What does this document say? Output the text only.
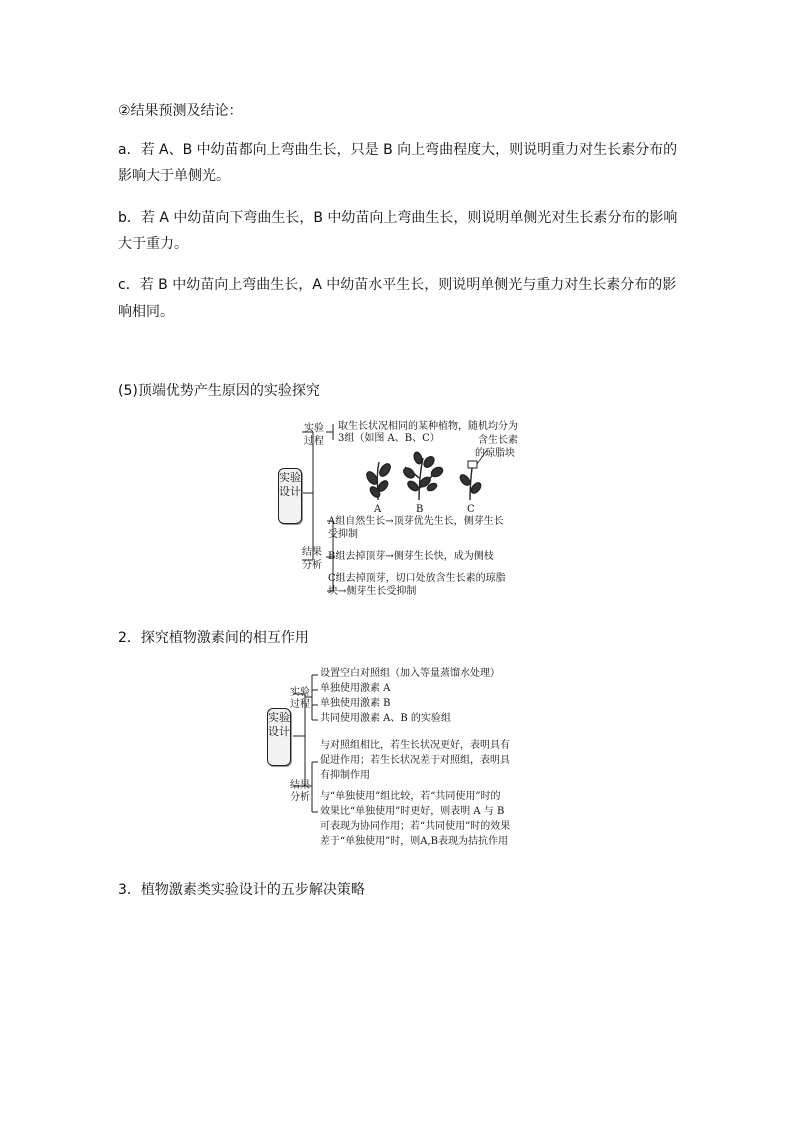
②结果预测及结论：
a．若 A、B 中幼苗都向上弯曲生长，只是 B 向上弯曲程度大，则说明重力对生长素分布的
影响大于单侧光。
b．若 A 中幼苗向下弯曲生长，B 中幼苗向上弯曲生长，则说明单侧光对生长素分布的影响
大于重力。
c．若 B 中幼苗向上弯曲生长，A 中幼苗水平生长，则说明单侧光与重力对生长素分布的影
响相同。
(5)顶端优势产生原因的实验探究
实验设计
实验过程
取生长状况相同的某种植物，随机均分为
3组（如图 A、B、C）	含生长素
的琼脂块
A	B	C
结果分析
A组自然生长→顶芽优先生长，侧芽生长
受抑制
B组去掉顶芽→侧芽生长快，成为侧枝
C组去掉顶芽，切口处放含生长素的琼脂
块→侧芽生长受抑制
2．探究植物激素间的相互作用
实验设计
实验过程
设置空白对照组（加入等量蒸馏水处理）
单独使用激素 A
单独使用激素 B
共同使用激素 A、B 的实验组
结果分析
与对照组相比，若生长状况更好，表明具有
促进作用；若生长状况差于对照组，表明具
有抑制作用
与“单独使用”组比较，若“共同使用”时的
效果比“单独使用”时更好，则表明 A 与 B
可表现为协同作用；若“共同使用”时的效果
差于“单独使用”时，则A,B表现为拮抗作用
3．植物激素类实验设计的五步解决策略
